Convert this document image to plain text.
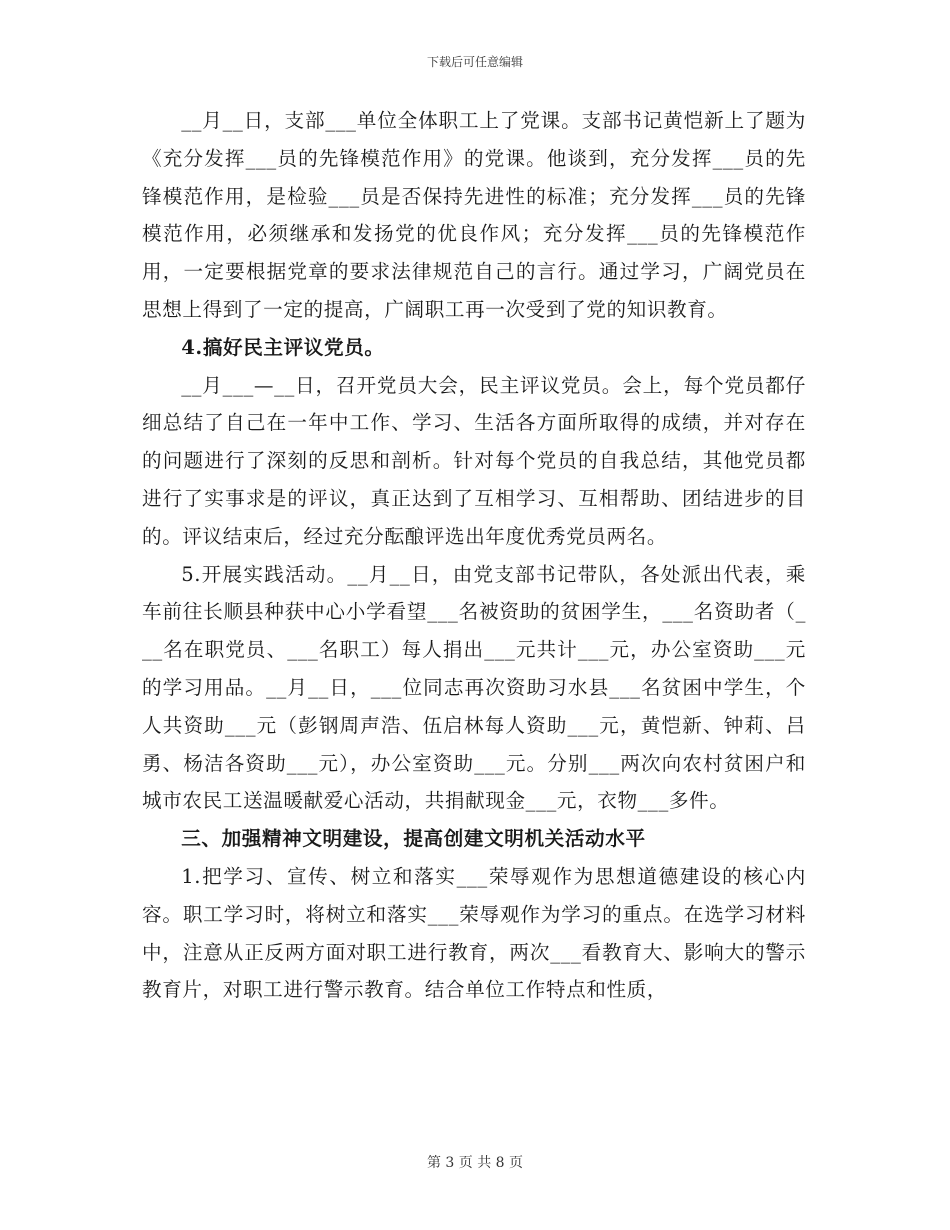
下载后可任意编辑

__月__日，支部___单位全体职工上了党课。支部书记黄恺新上了题为《充分发挥___员的先锋模范作用》的党课。他谈到，充分发挥___员的先锋模范作用，是检验___员是否保持先进性的标准；充分发挥___员的先锋模范作用，必须继承和发扬党的优良作风；充分发挥___员的先锋模范作用，一定要根据党章的要求法律规范自己的言行。通过学习，广阔党员在思想上得到了一定的提高，广阔职工再一次受到了党的知识教育。

4.搞好民主评议党员。

__月___—__日，召开党员大会，民主评议党员。会上，每个党员都仔细总结了自己在一年中工作、学习、生活各方面所取得的成绩，并对存在的问题进行了深刻的反思和剖析。针对每个党员的自我总结，其他党员都进行了实事求是的评议，真正达到了互相学习、互相帮助、团结进步的目的。评议结束后，经过充分酝酿评选出年度优秀党员两名。

5.开展实践活动。__月__日，由党支部书记带队，各处派出代表，乘车前往长顺县种获中心小学看望___名被资助的贫困学生，___名资助者（___名在职党员、___名职工）每人捐出___元共计___元，办公室资助___元的学习用品。__月__日，___位同志再次资助习水县___名贫困中学生，个人共资助___元（彭钢周声浩、伍启林每人资助___元，黄恺新、钟莉、吕勇、杨洁各资助___元），办公室资助___元。分别___两次向农村贫困户和城市农民工送温暖献爱心活动，共捐献现金___元，衣物___多件。

三、加强精神文明建设，提高创建文明机关活动水平

1.把学习、宣传、树立和落实___荣辱观作为思想道德建设的核心内容。职工学习时，将树立和落实___荣辱观作为学习的重点。在选学习材料中，注意从正反两方面对职工进行教育，两次___看教育大、影响大的警示教育片，对职工进行警示教育。结合单位工作特点和性质，

第 3 页 共 8 页
